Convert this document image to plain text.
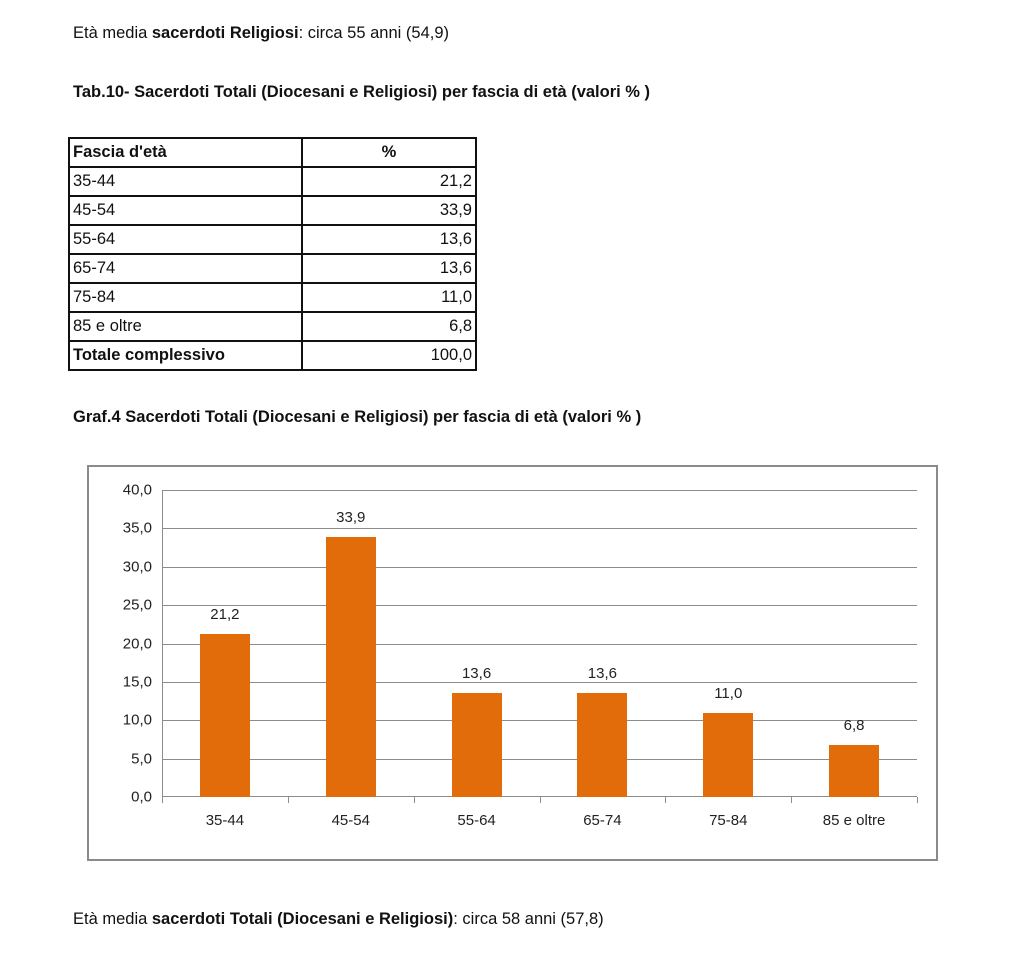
Età media sacerdoti Religiosi: circa 55 anni (54,9)
Tab.10- Sacerdoti Totali (Diocesani e Religiosi) per fascia di età (valori % )
Fascia d'età	%
35-44	21,2
45-54	33,9
55-64	13,6
65-74	13,6
75-84	11,0
85 e oltre	6,8
Totale complessivo	100,0
Graf.4 Sacerdoti Totali (Diocesani e Religiosi) per fascia di età (valori % )
0,0
5,0
10,0
15,0
20,0
25,0
30,0
35,0
40,0
21,2
35-44
33,9
45-54
13,6
55-64
13,6
65-74
11,0
75-84
6,8
85 e oltre
Età media sacerdoti Totali (Diocesani e Religiosi): circa 58 anni (57,8)
